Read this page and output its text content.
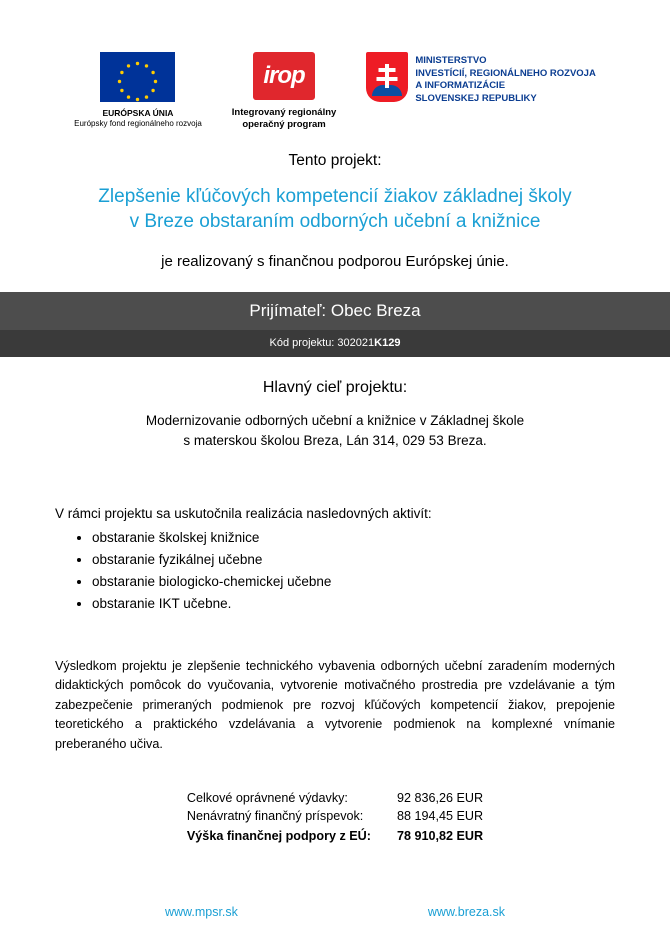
EURÓPSKA ÚNIA
Európsky fond regionálneho rozvoja
irop
Integrovaný regionálny
operačný program
MINISTERSTVO
INVESTÍCIÍ, REGIONÁLNEHO ROZVOJA
A INFORMATIZÁCIE
SLOVENSKEJ REPUBLIKY
Tento projekt:
Zlepšenie kľúčových kompetencií žiakov základnej školy
v Breze obstaraním odborných učební a knižnice
je realizovaný s finančnou podporou Európskej únie.
Prijímateľ: Obec Breza
Kód projektu: 302021K129
Hlavný cieľ projektu:
Modernizovanie odborných učební a knižnice v Základnej škole
s materskou školou Breza, Lán 314, 029 53 Breza.
V rámci projektu sa uskutočnila realizácia nasledovných aktivít:
• obstaranie školskej knižnice
• obstaranie fyzikálnej učebne
• obstaranie biologicko-chemickej učebne
• obstaranie IKT učebne.
Výsledkom projektu je zlepšenie technického vybavenia odborných učební zaradením moderných didaktických pomôcok do vyučovania, vytvorenie motivačného prostredia pre vzdelávanie a tým zabezpečenie primeraných podmienok pre rozvoj kľúčových kompetencií žiakov, prepojenie teoretického a praktického vzdelávania a vytvorenie podmienok na komplexné vnímanie preberaného učiva.
Celkové oprávnené výdavky:	92 836,26 EUR
Nenávratný finančný príspevok:	88 194,45 EUR
Výška finančnej podpory z EÚ:	78 910,82 EUR
www.mpsr.sk	www.breza.sk
